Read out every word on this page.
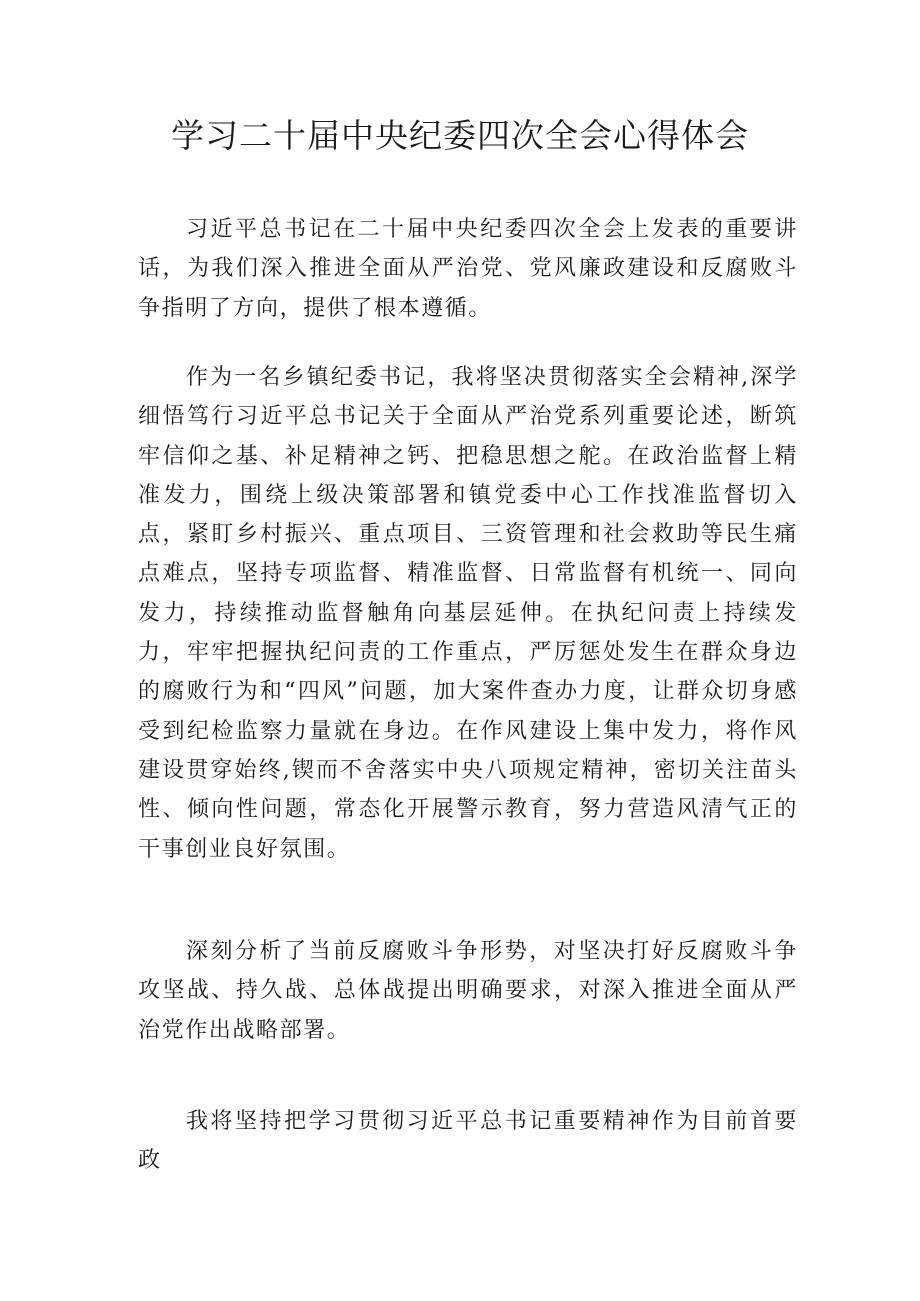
学习二十届中央纪委四次全会心得体会

习近平总书记在二十届中央纪委四次全会上发表的重要讲话，为我们深入推进全面从严治党、党风廉政建设和反腐败斗争指明了方向，提供了根本遵循。

作为一名乡镇纪委书记，我将坚决贯彻落实全会精神,深学细悟笃行习近平总书记关于全面从严治党系列重要论述，断筑牢信仰之基、补足精神之钙、把稳思想之舵。在政治监督上精准发力，围绕上级决策部署和镇党委中心工作找准监督切入点，紧盯乡村振兴、重点项目、三资管理和社会救助等民生痛点难点，坚持专项监督、精准监督、日常监督有机统一、同向发力，持续推动监督触角向基层延伸。在执纪问责上持续发力，牢牢把握执纪问责的工作重点，严厉惩处发生在群众身边的腐败行为和“四风”问题，加大案件查办力度，让群众切身感受到纪检监察力量就在身边。在作风建设上集中发力，将作风建设贯穿始终,锲而不舍落实中央八项规定精神，密切关注苗头性、倾向性问题，常态化开展警示教育，努力营造风清气正的干事创业良好氛围。

深刻分析了当前反腐败斗争形势，对坚决打好反腐败斗争攻坚战、持久战、总体战提出明确要求，对深入推进全面从严治党作出战略部署。

我将坚持把学习贯彻习近平总书记重要精神作为目前首要政
